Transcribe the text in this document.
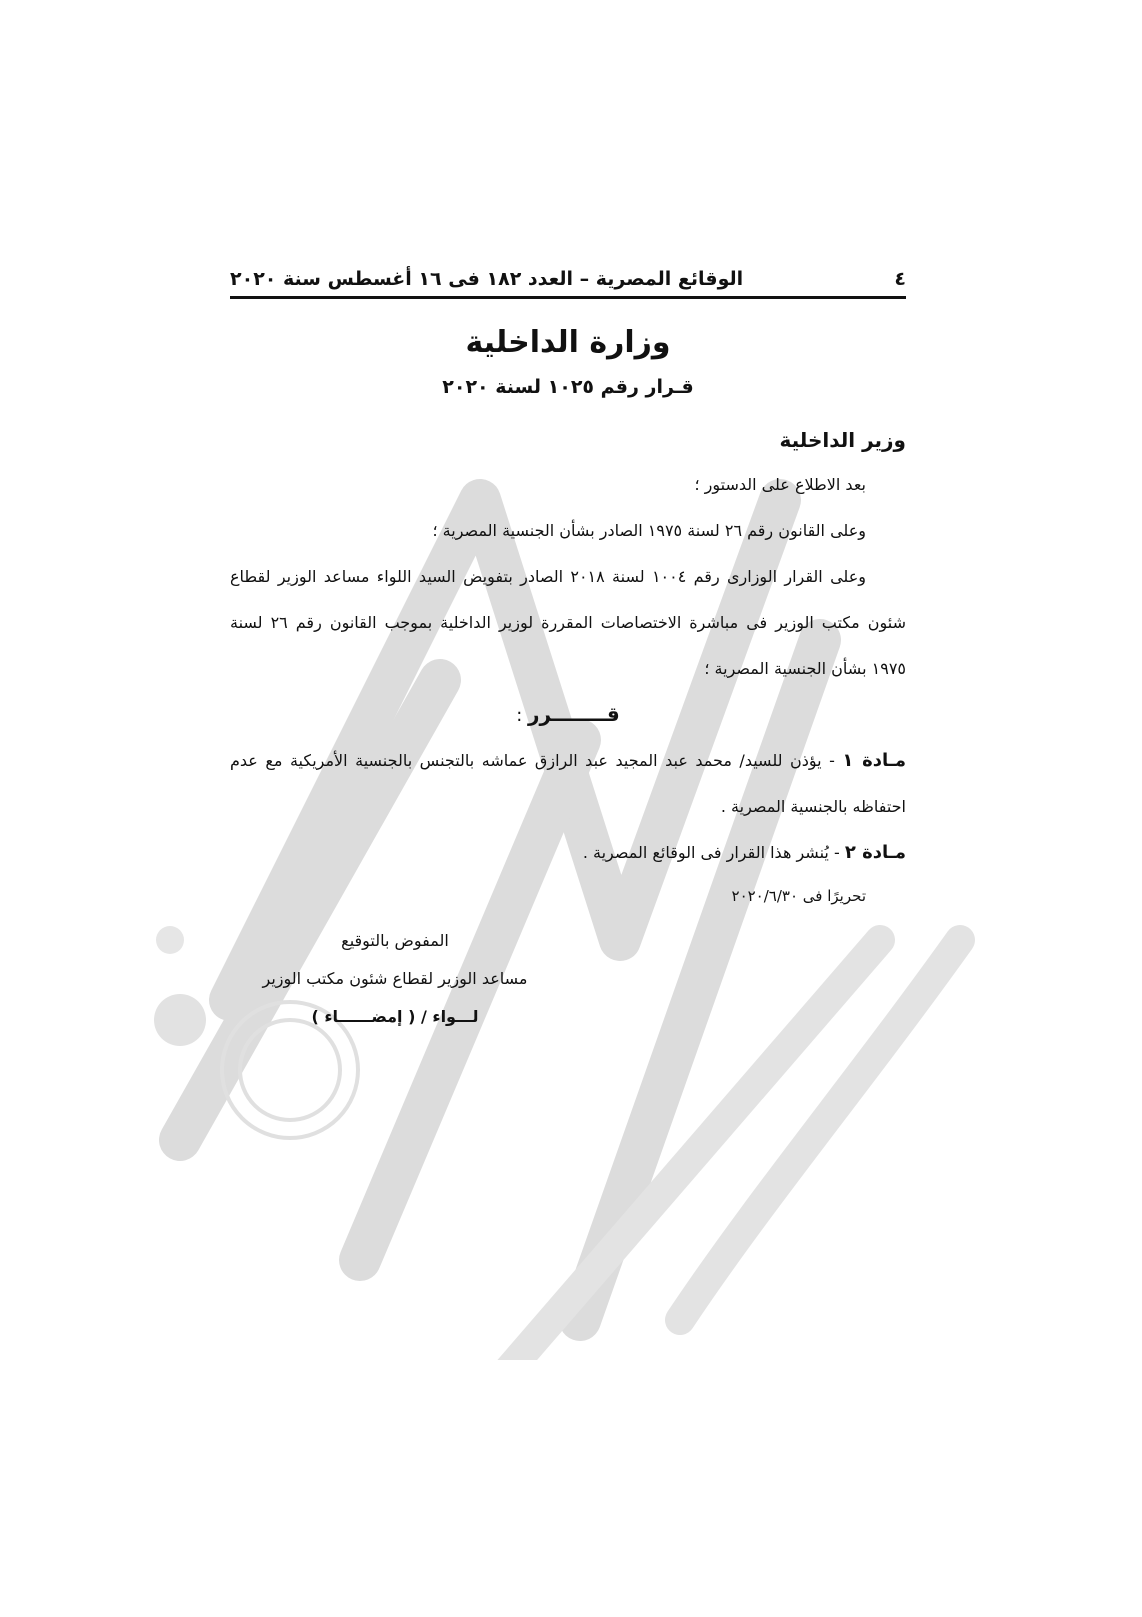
٤
الوقائع المصرية – العدد ١٨٢ فى ١٦ أغسطس سنة ٢٠٢٠
وزارة الداخلية
قـرار رقم ١٠٢٥ لسنة ٢٠٢٠
وزير الداخلية

بعد الاطلاع على الدستور ؛

وعلى القانون رقم ٢٦ لسنة ١٩٧٥ الصادر بشأن الجنسية المصرية ؛

وعلى القرار الوزارى رقم ١٠٠٤ لسنة ٢٠١٨ الصادر بتفويض السيد اللواء مساعد الوزير لقطاع شئون مكتب الوزير فى مباشرة الاختصاصات المقررة لوزير الداخلية بموجب القانون رقم ٢٦ لسنة ١٩٧٥ بشأن الجنسية المصرية ؛

قــــــــرر :

مـادة ١ - يؤذن للسيد/ محمد عبد المجيد عبد الرازق عماشه بالتجنس بالجنسية الأمريكية مع عدم احتفاظه بالجنسية المصرية .

مـادة ٢ - يُنشر هذا القرار فى الوقائع المصرية .

تحريرًا فى ٢٠٢٠/٦/٣٠
المفوض بالتوقيع
مساعد الوزير لقطاع شئون مكتب الوزير
لـــواء / ( إمضــــــاء )
